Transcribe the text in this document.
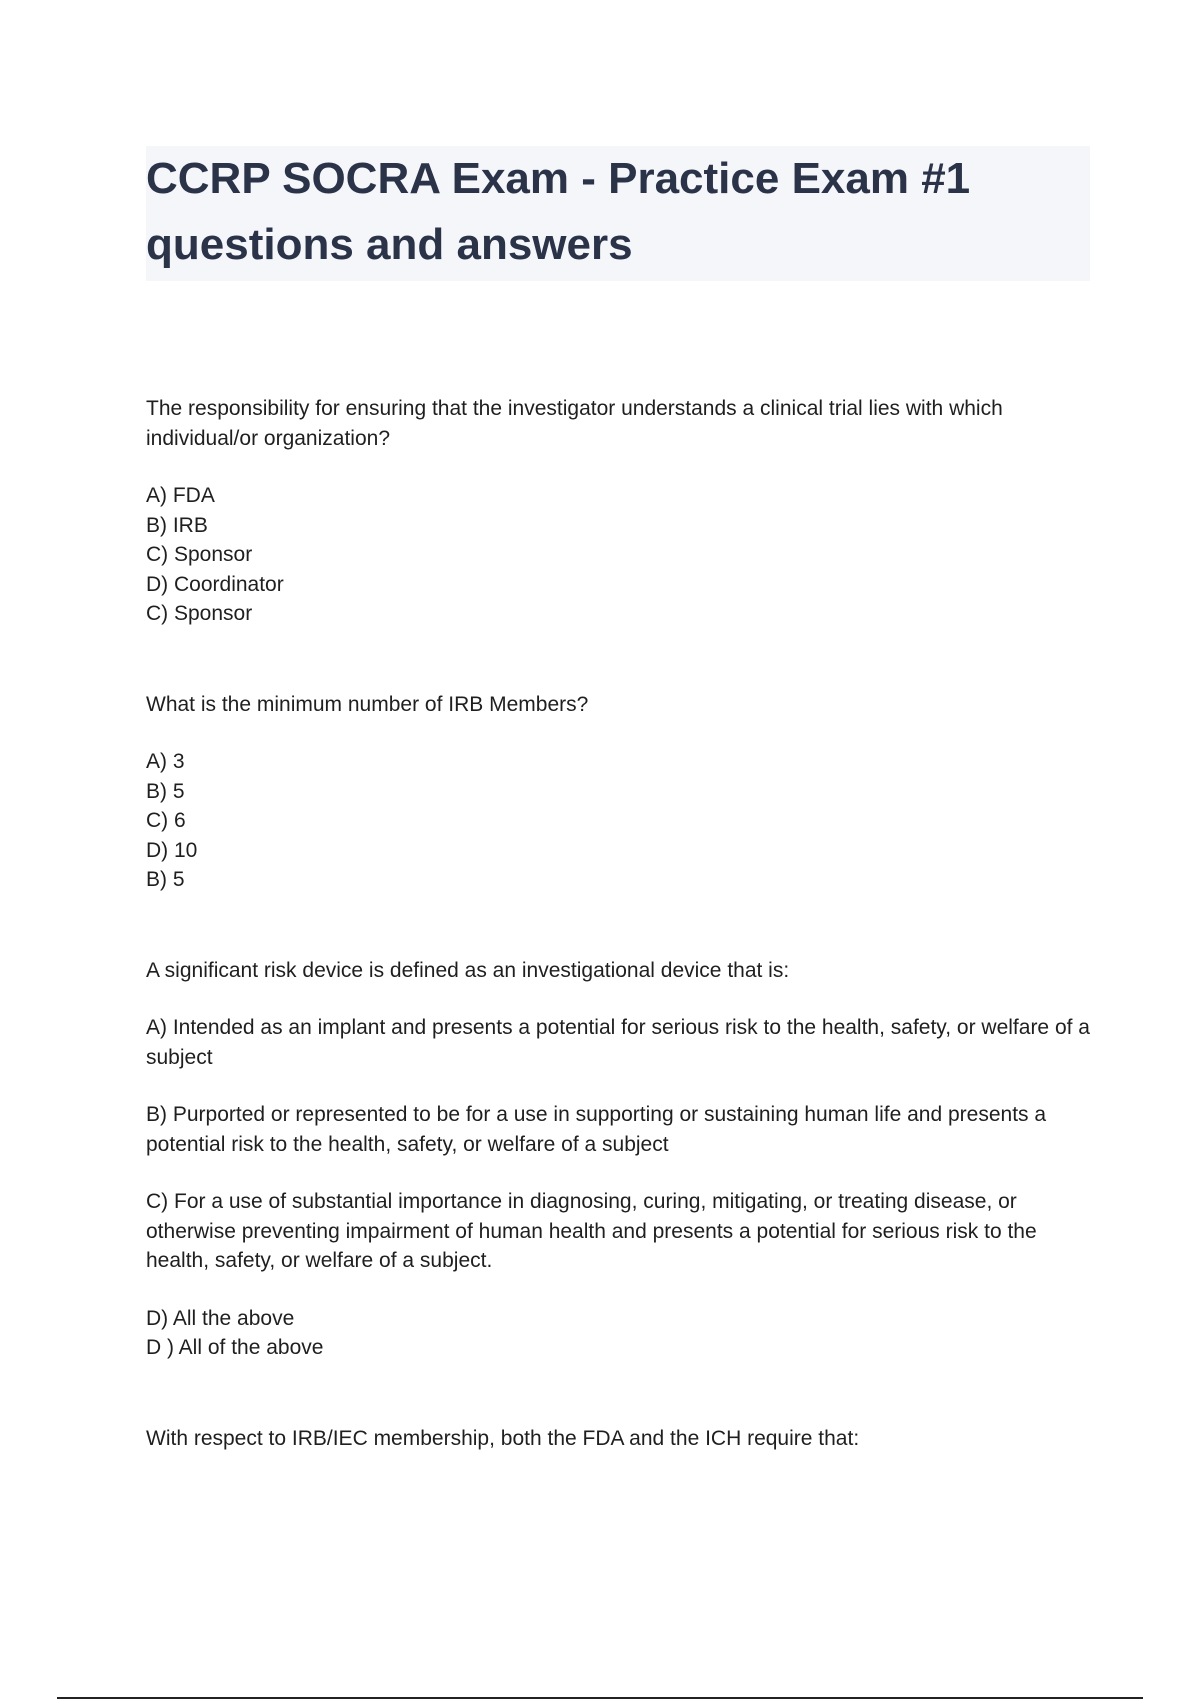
CCRP SOCRA Exam - Practice Exam #1 questions and answers

The responsibility for ensuring that the investigator understands a clinical trial lies with which individual/or organization?

A) FDA

B) IRB

C) Sponsor

D) Coordinator

C) Sponsor

What is the minimum number of IRB Members?

A) 3

B) 5

C) 6

D) 10

B) 5

A significant risk device is defined as an investigational device that is:

A) Intended as an implant and presents a potential for serious risk to the health, safety, or welfare of a subject

B) Purported or represented to be for a use in supporting or sustaining human life and presents a potential risk to the health, safety, or welfare of a subject

C) For a use of substantial importance in diagnosing, curing, mitigating, or treating disease, or otherwise preventing impairment of human health and presents a potential for serious risk to the health, safety, or welfare of a subject.

D) All the above

D ) All of the above

With respect to IRB/IEC membership, both the FDA and the ICH require that:
